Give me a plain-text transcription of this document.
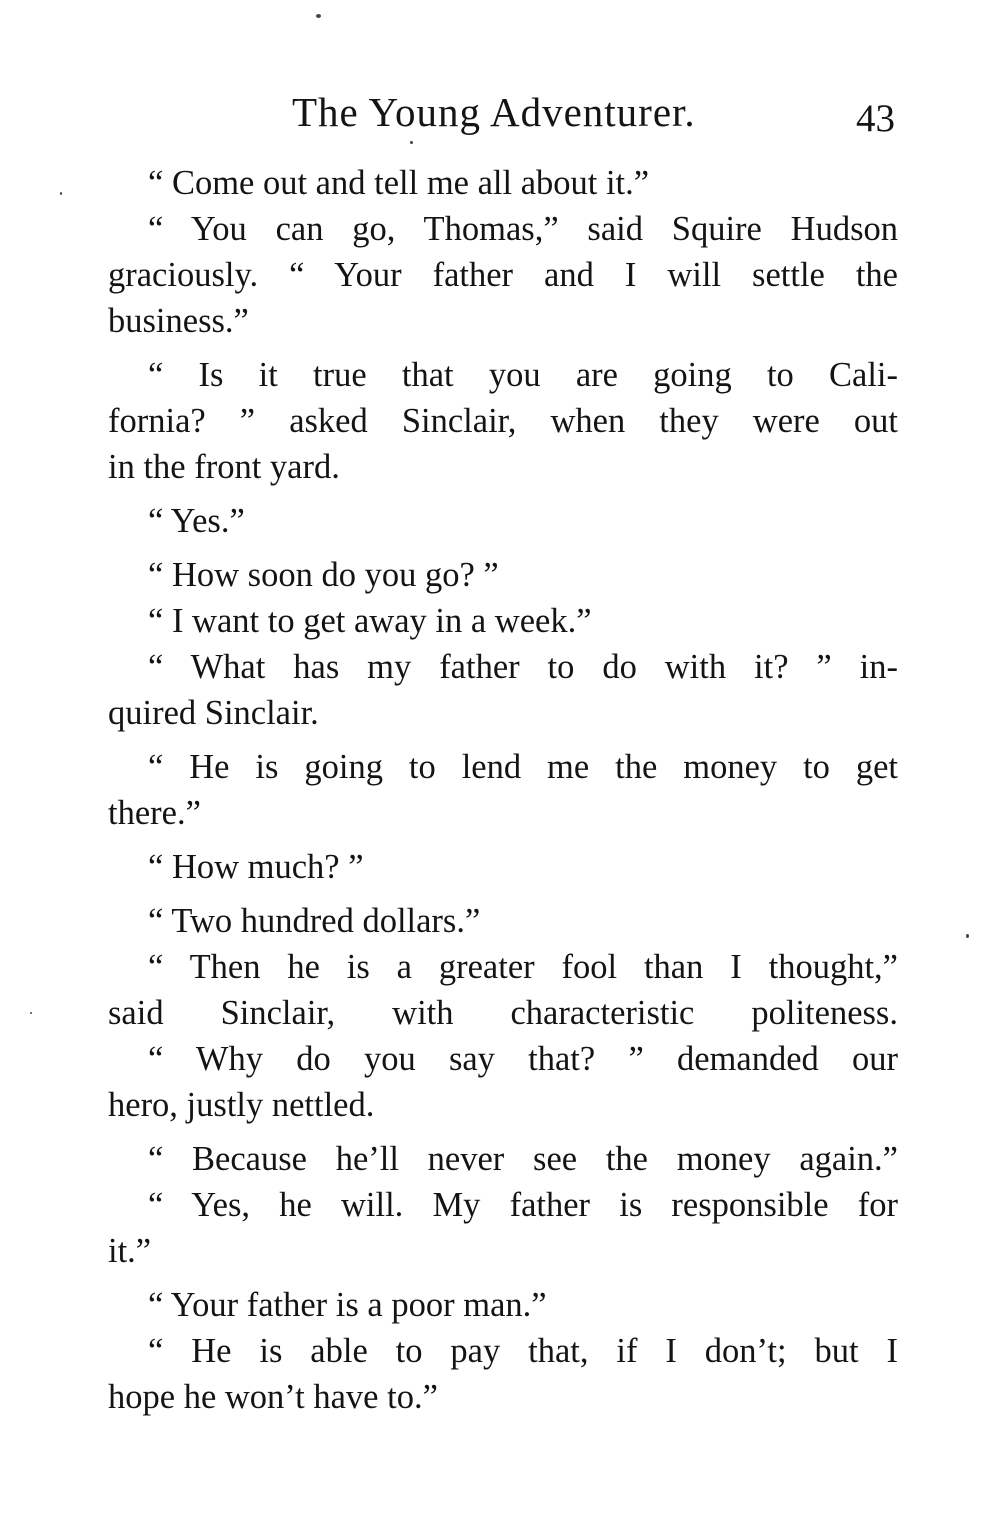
The Young Adventurer.	43
“ Come out and tell me all about it.”
“ You can go, Thomas,” said Squire Hudson
graciously. “ Your father and I will settle the
business.”
“ Is it true that you are going to Cali-
fornia? ” asked Sinclair, when they were out
in the front yard.
“ Yes.”
“ How soon do you go? ”
“ I want to get away in a week.”
“ What has my father to do with it? ” in-
quired Sinclair.
“ He is going to lend me the money to get
there.”
“ How much? ”
“ Two hundred dollars.”
“ Then he is a greater fool than I thought,”
said Sinclair, with characteristic politeness.
“ Why do you say that? ” demanded our
hero, justly nettled.
“ Because he’ll never see the money again.”
“ Yes, he will. My father is responsible for
it.”
“ Your father is a poor man.”
“ He is able to pay that, if I don’t; but I
hope he won’t have to.”
